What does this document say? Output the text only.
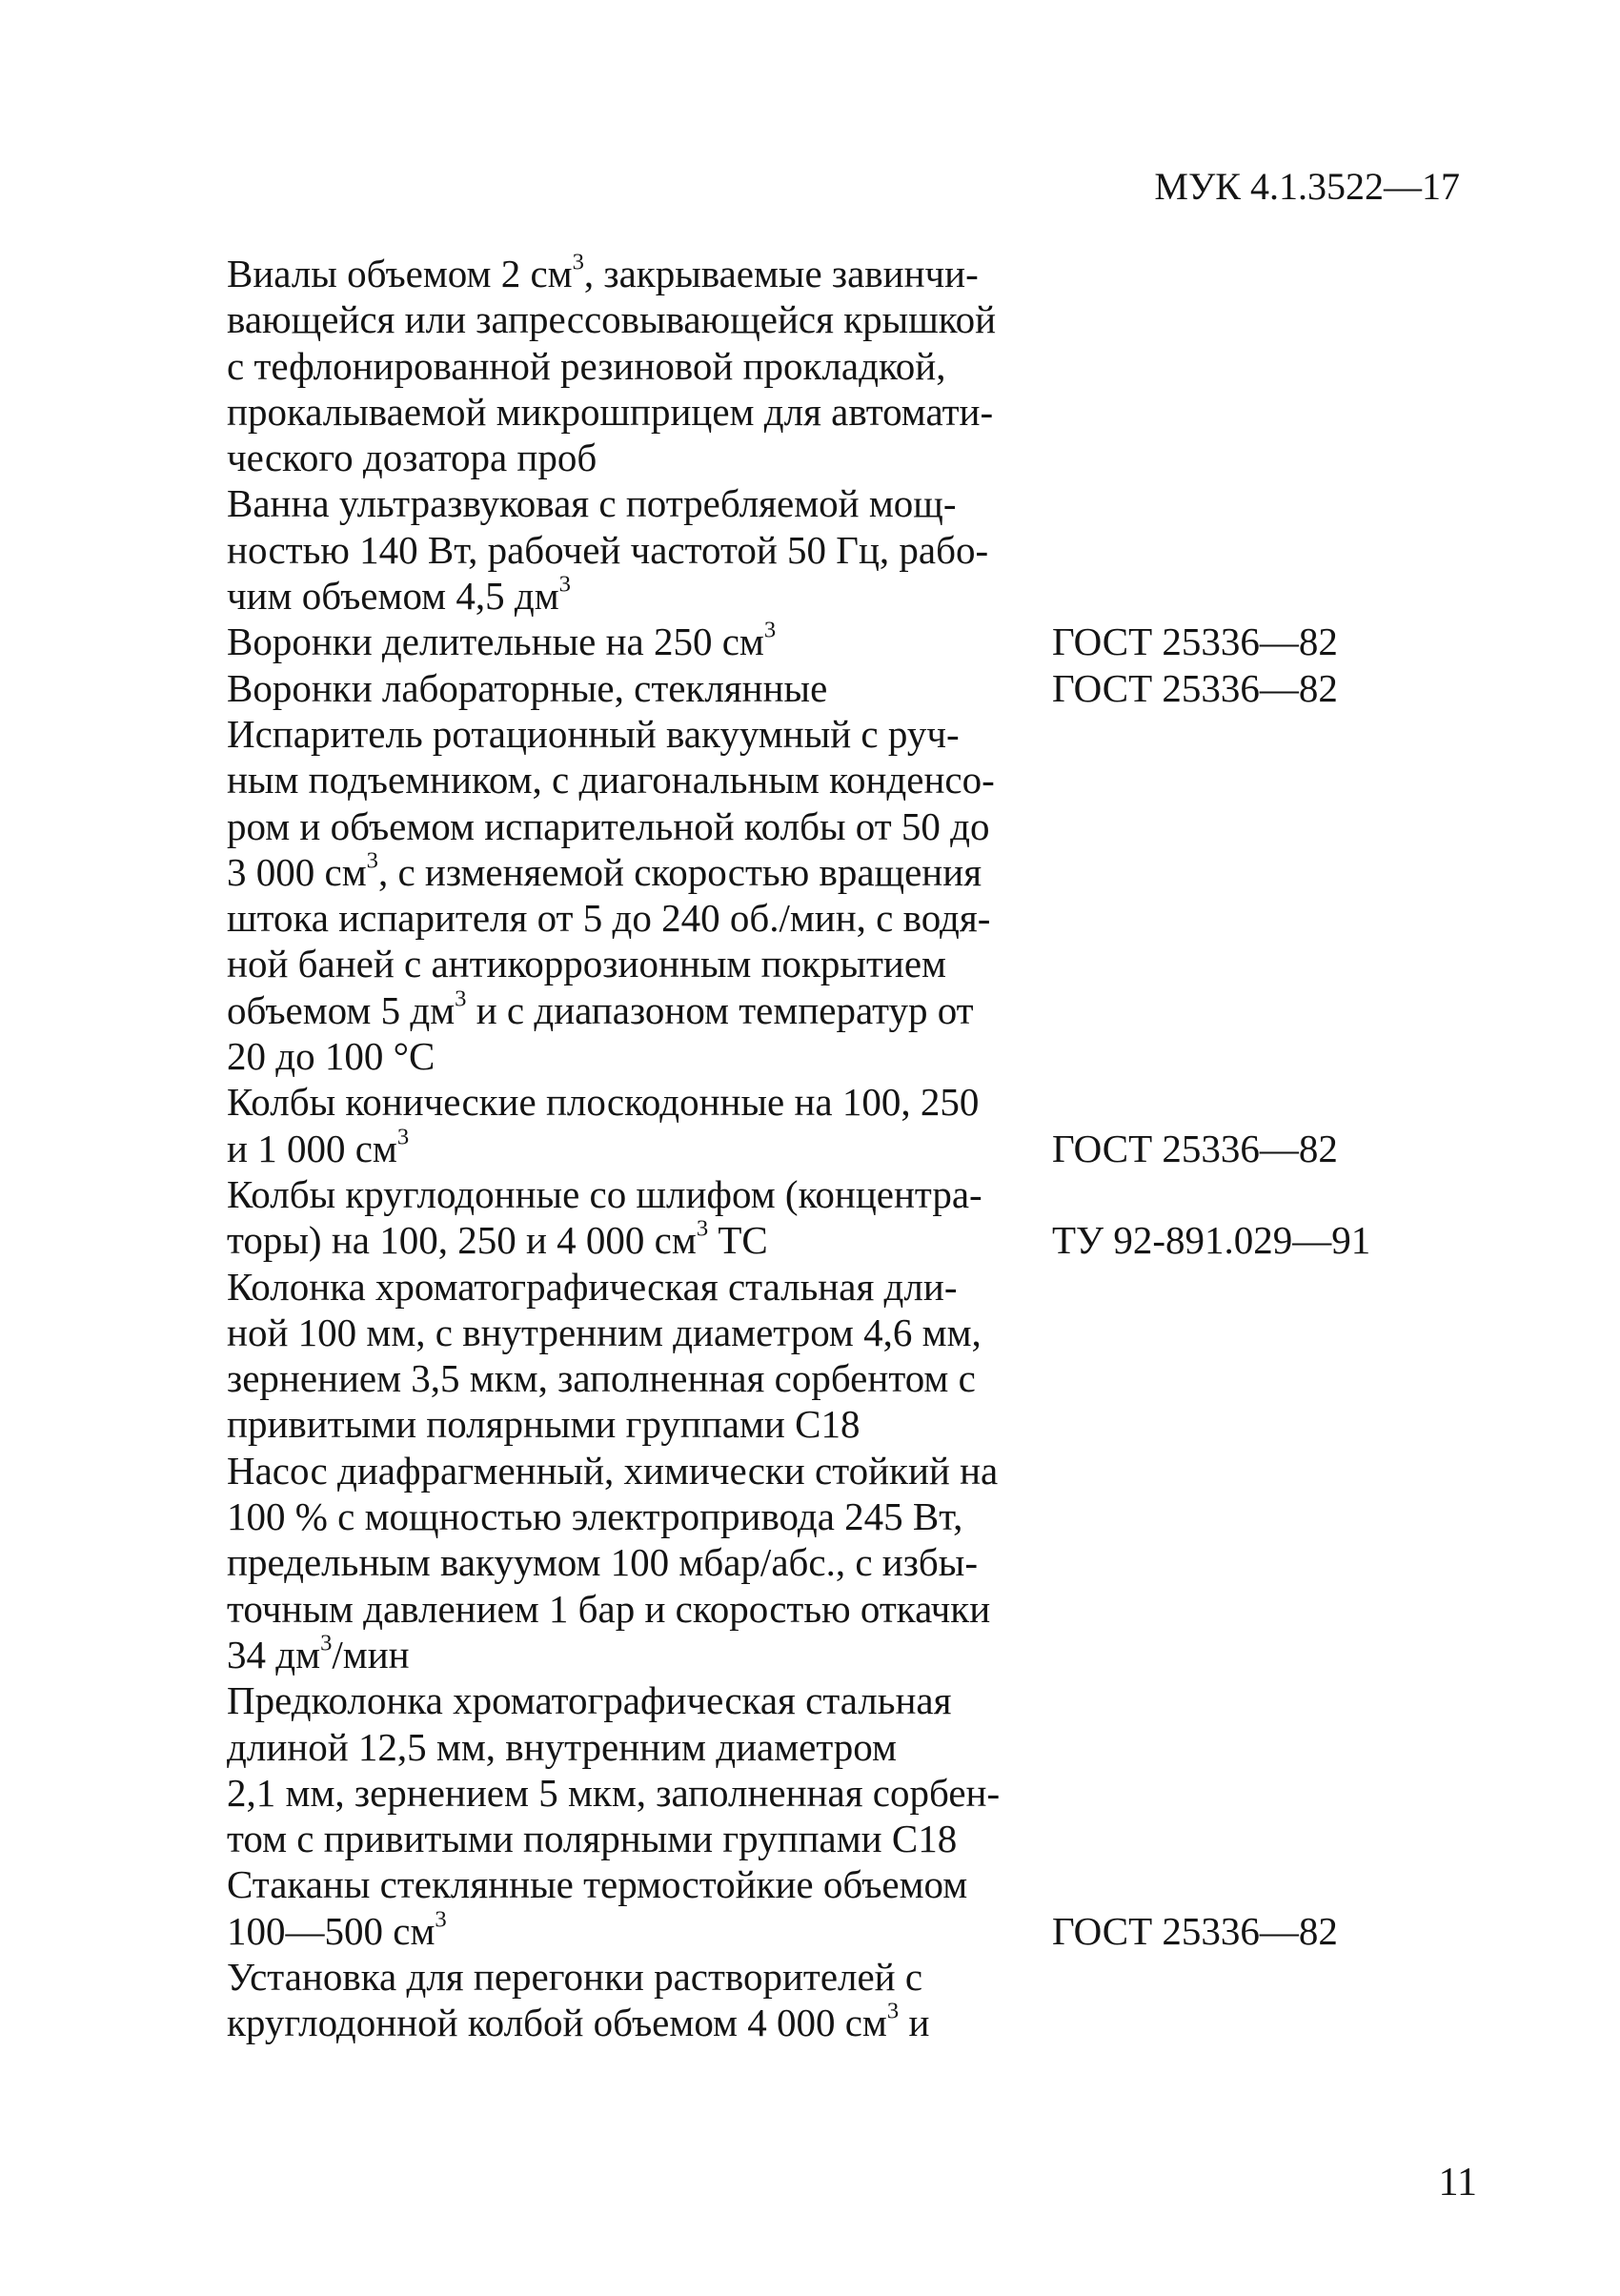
МУК 4.1.3522—17
Виалы объемом 2 $см^3$, закрываемые завинчи-
вающейся или запрессовывающейся крышкой
с тефлонированной резиновой прокладкой,
прокалываемой микрошприцем для автомати-
ческого дозатора проб
Ванна ультразвуковая с потребляемой мощ-
ностью 140 Вт, рабочей частотой 50 Гц, рабо-
чим объемом 4,5 $дм^3$
Воронки делительные на 250 $см^3$	ГОСТ 25336—82
Воронки лабораторные, стеклянные	ГОСТ 25336—82
Испаритель ротационный вакуумный с руч-
ным подъемником, с диагональным конденсо-
ром и объемом испарительной колбы от 50 до
3 000 $см^3$, с изменяемой скоростью вращения
штока испарителя от 5 до 240 об./мин, с водя-
ной баней с антикоррозионным покрытием
объемом 5 $дм^3$ и с диапазоном температур от
20 до 100 °С
Колбы конические плоскодонные на 100, 250
и 1 000 $см^3$	ГОСТ 25336—82
Колбы круглодонные со шлифом (концентра-
торы) на 100, 250 и 4 000 $см^3$ ТС	ТУ 92-891.029—91
Колонка хроматографическая стальная дли-
ной 100 мм, с внутренним диаметром 4,6 мм,
зернением 3,5 мкм, заполненная сорбентом с
привитыми полярными группами С18
Насос диафрагменный, химически стойкий на
100 % с мощностью электропривода 245 Вт,
предельным вакуумом 100 мбар/абс., с избы-
точным давлением 1 бар и скоростью откачки
34 $дм^3$/мин
Предколонка хроматографическая стальная
длиной 12,5 мм, внутренним диаметром
2,1 мм, зернением 5 мкм, заполненная сорбен-
том с привитыми полярными группами С18
Стаканы стеклянные термостойкие объемом
100—500 $см^3$	ГОСТ 25336—82
Установка для перегонки растворителей с
круглодонной колбой объемом 4 000 $см^3$ и
11
